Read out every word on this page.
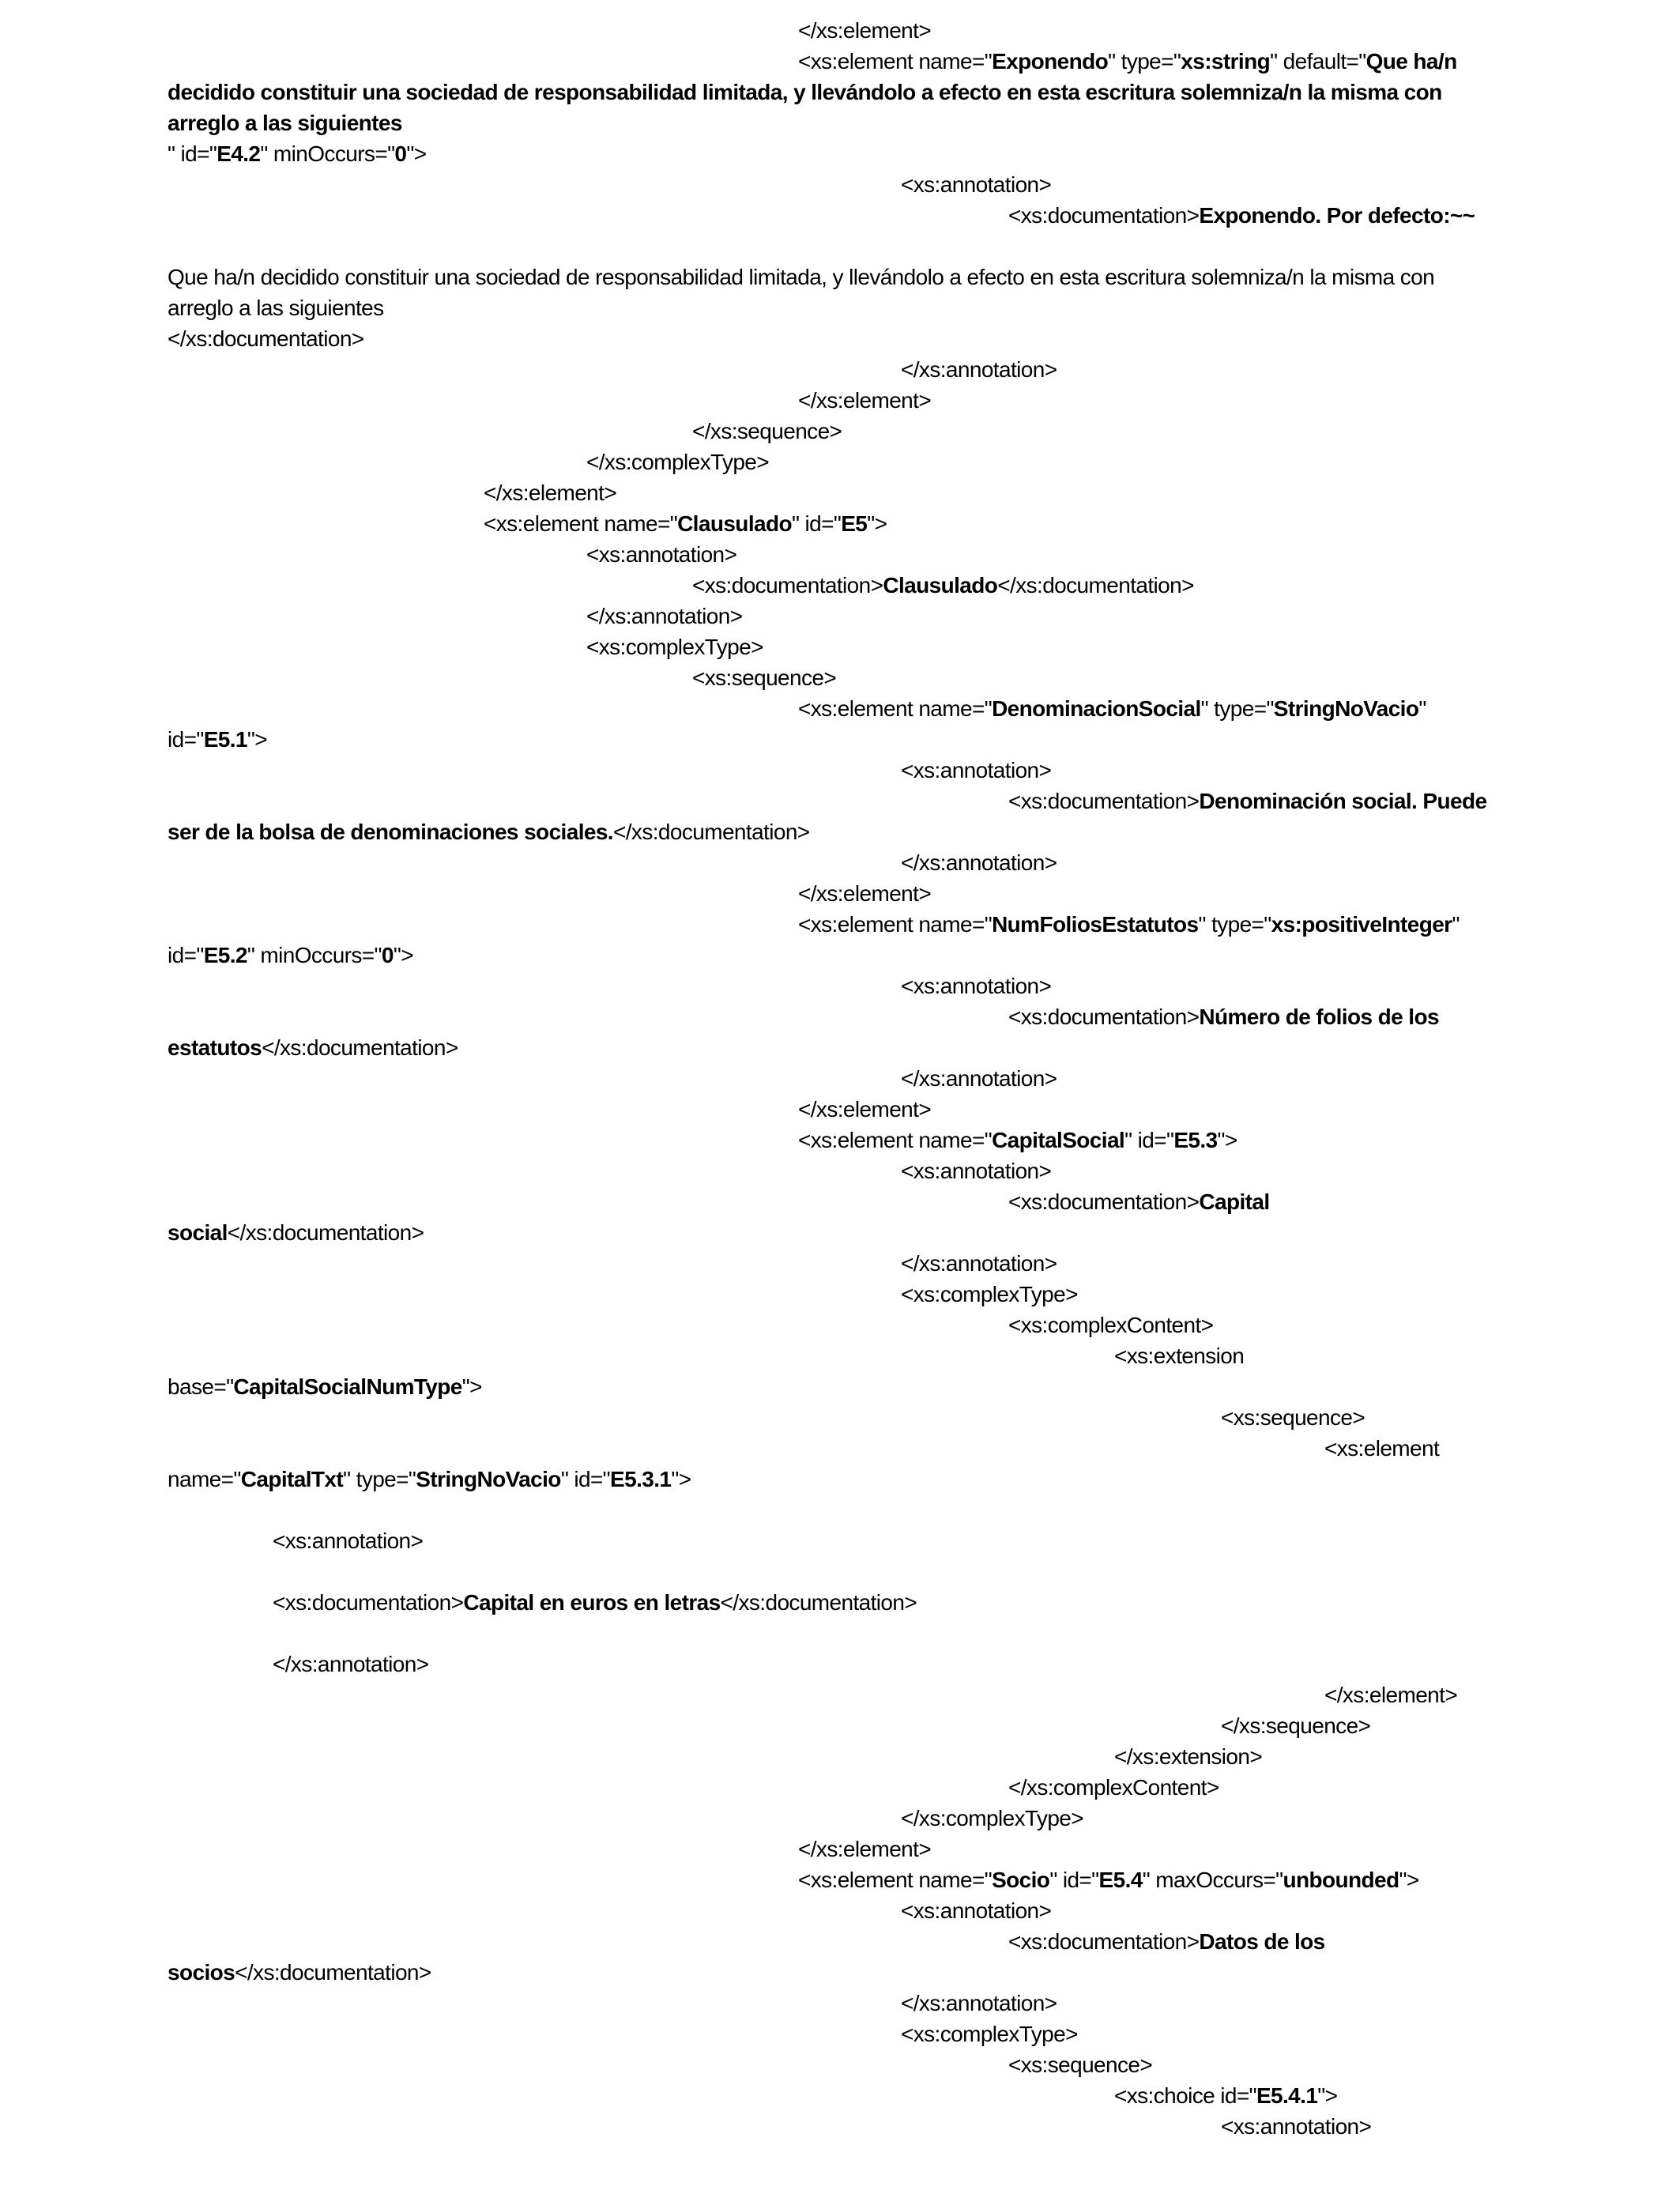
</xs:element>
<xs:element name="Exponendo" type="xs:string" default="Que ha/n
decidido constituir una sociedad de responsabilidad limitada, y llevándolo a efecto en esta escritura solemniza/n la misma con
arreglo a las siguientes
" id="E4.2" minOccurs="0">
<xs:annotation>
<xs:documentation>Exponendo. Por defecto:~~
Que ha/n decidido constituir una sociedad de responsabilidad limitada, y llevándolo a efecto en esta escritura solemniza/n la misma con
arreglo a las siguientes
</xs:documentation>
</xs:annotation>
</xs:element>
</xs:sequence>
</xs:complexType>
</xs:element>
<xs:element name="Clausulado" id="E5">
<xs:annotation>
<xs:documentation>Clausulado</xs:documentation>
</xs:annotation>
<xs:complexType>
<xs:sequence>
<xs:element name="DenominacionSocial" type="StringNoVacio"
id="E5.1">
<xs:annotation>
<xs:documentation>Denominación social. Puede
ser de la bolsa de denominaciones sociales.</xs:documentation>
</xs:annotation>
</xs:element>
<xs:element name="NumFoliosEstatutos" type="xs:positiveInteger"
id="E5.2" minOccurs="0">
<xs:annotation>
<xs:documentation>Número de folios de los
estatutos</xs:documentation>
</xs:annotation>
</xs:element>
<xs:element name="CapitalSocial" id="E5.3">
<xs:annotation>
<xs:documentation>Capital
social</xs:documentation>
</xs:annotation>
<xs:complexType>
<xs:complexContent>
<xs:extension
base="CapitalSocialNumType">
<xs:sequence>
<xs:element
name="CapitalTxt" type="StringNoVacio" id="E5.3.1">
<xs:annotation>
<xs:documentation>Capital en euros en letras</xs:documentation>
</xs:annotation>
</xs:element>
</xs:sequence>
</xs:extension>
</xs:complexContent>
</xs:complexType>
</xs:element>
<xs:element name="Socio" id="E5.4" maxOccurs="unbounded">
<xs:annotation>
<xs:documentation>Datos de los
socios</xs:documentation>
</xs:annotation>
<xs:complexType>
<xs:sequence>
<xs:choice id="E5.4.1">
<xs:annotation>
